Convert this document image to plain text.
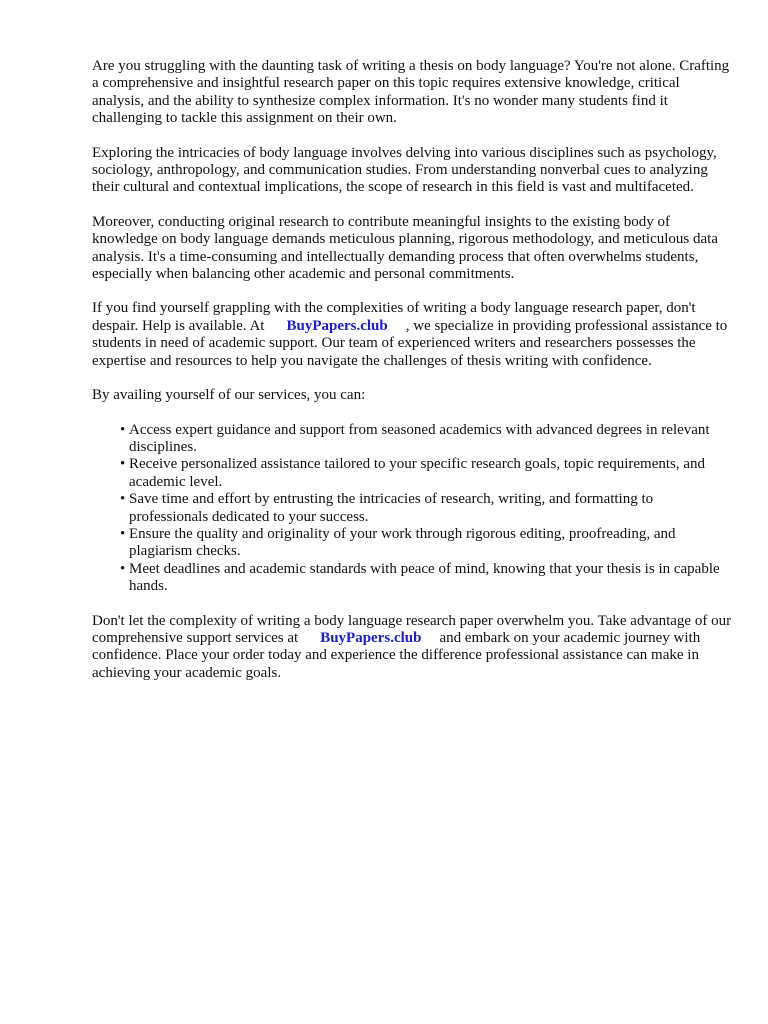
Are you struggling with the daunting task of writing a thesis on body language? You're not alone. Crafting a comprehensive and insightful research paper on this topic requires extensive knowledge, critical analysis, and the ability to synthesize complex information. It's no wonder many students find it challenging to tackle this assignment on their own.

Exploring the intricacies of body language involves delving into various disciplines such as psychology, sociology, anthropology, and communication studies. From understanding nonverbal cues to analyzing their cultural and contextual implications, the scope of research in this field is vast and multifaceted.

Moreover, conducting original research to contribute meaningful insights to the existing body of knowledge on body language demands meticulous planning, rigorous methodology, and meticulous data analysis. It's a time-consuming and intellectually demanding process that often overwhelms students, especially when balancing other academic and personal commitments.

If you find yourself grappling with the complexities of writing a body language research paper, don't despair. Help is available. At BuyPapers.club , we specialize in providing professional assistance to students in need of academic support. Our team of experienced writers and researchers possesses the expertise and resources to help you navigate the challenges of thesis writing with confidence.

By availing yourself of our services, you can:

• Access expert guidance and support from seasoned academics with advanced degrees in relevant disciplines.
• Receive personalized assistance tailored to your specific research goals, topic requirements, and academic level.
• Save time and effort by entrusting the intricacies of research, writing, and formatting to professionals dedicated to your success.
• Ensure the quality and originality of your work through rigorous editing, proofreading, and plagiarism checks.
• Meet deadlines and academic standards with peace of mind, knowing that your thesis is in capable hands.

Don't let the complexity of writing a body language research paper overwhelm you. Take advantage of our comprehensive support services at BuyPapers.club and embark on your academic journey with confidence. Place your order today and experience the difference professional assistance can make in achieving your academic goals.
